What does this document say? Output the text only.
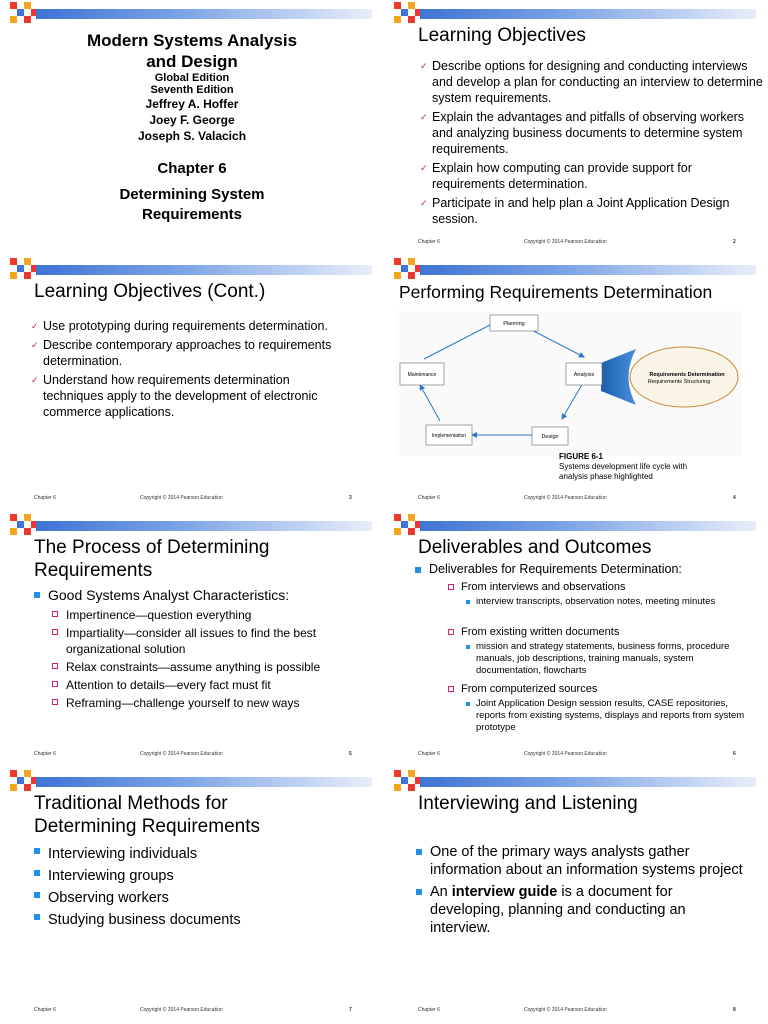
Modern Systems Analysis
and Design
Global Edition
Seventh Edition
Jeffrey A. Hoffer
Joey F. George
Joseph S. Valacich
Chapter 6
Determining System
Requirements
Learning Objectives
✓ Describe options for designing and conducting interviews and develop a plan for conducting an interview to determine system requirements.
✓ Explain the advantages and pitfalls of observing workers and analyzing business documents to determine system requirements.
✓ Explain how computing can provide support for requirements determination.
✓ Participate in and help plan a Joint Application Design session.
Chapter 6	Copyright © 2014 Pearson Education	2
Learning Objectives (Cont.)
✓ Use prototyping during requirements determination.
✓ Describe contemporary approaches to requirements determination.
✓ Understand how requirements determination techniques apply to the development of electronic commerce applications.
Chapter 6	Copyright © 2014 Pearson Education	3
Performing Requirements Determination
Requirements Determination
Requirements Structuring
Planning
Analysis
Design
Implementation
Maintenance
FIGURE 6-1
Systems development life cycle with
analysis phase highlighted
Chapter 6	Copyright © 2014 Pearson Education	4
The Process of Determining
Requirements
Good Systems Analyst Characteristics:
Impertinence—question everything
Impartiality—consider all issues to find the best organizational solution
Relax constraints—assume anything is possible
Attention to details—every fact must fit
Reframing—challenge yourself to new ways
Chapter 6	Copyright © 2014 Pearson Education	5
Deliverables and Outcomes
Deliverables for Requirements Determination:
From interviews and observations
interview transcripts, observation notes, meeting minutes
From existing written documents
mission and strategy statements, business forms, procedure manuals, job descriptions, training manuals, system documentation, flowcharts
From computerized sources
Joint Application Design session results, CASE repositories, reports from existing systems, displays and reports from system prototype
Chapter 6	Copyright © 2014 Pearson Education	6
Traditional Methods for
Determining Requirements
Interviewing individuals
Interviewing groups
Observing workers
Studying business documents
Chapter 6	Copyright © 2014 Pearson Education	7
Interviewing and Listening
One of the primary ways analysts gather information about an information systems project
An interview guide is a document for developing, planning and conducting an interview.
Chapter 6	Copyright © 2014 Pearson Education	8
